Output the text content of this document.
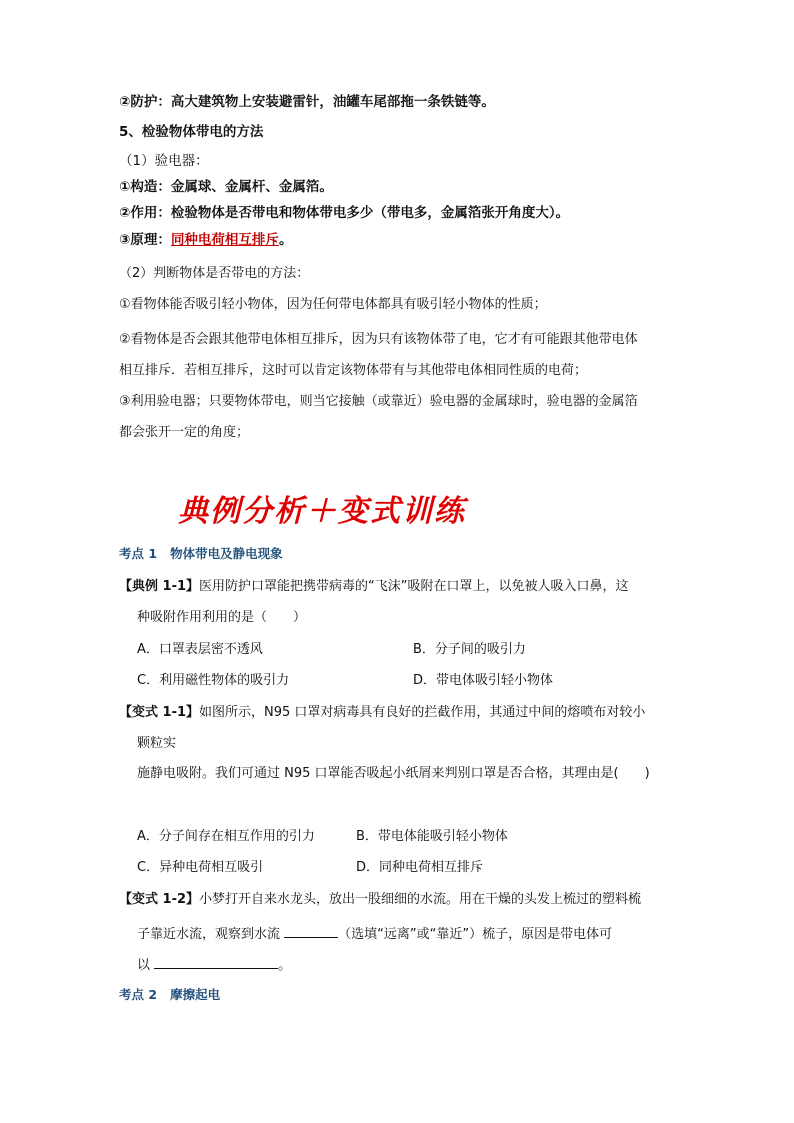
②防护：高大建筑物上安装避雷针，油罐车尾部拖一条铁链等。
5、检验物体带电的方法
（1）验电器：
①构造：金属球、金属杆、金属箔。
②作用：检验物体是否带电和物体带电多少（带电多，金属箔张开角度大）。
③原理：同种电荷相互排斥。
（2）判断物体是否带电的方法：
①看物体能否吸引轻小物体，因为任何带电体都具有吸引轻小物体的性质；
②看物体是否会跟其他带电体相互排斥，因为只有该物体带了电，它才有可能跟其他带电体
相互排斥．若相互排斥，这时可以肯定该物体带有与其他带电体相同性质的电荷；
③利用验电器；只要物体带电，则当它接触（或靠近）验电器的金属球时，验电器的金属箔
都会张开一定的角度；
典例分析＋变式训练
考点 1 物体带电及静电现象
【典例 1-1】医用防护口罩能把携带病毒的“飞沫”吸附在口罩上，以免被人吸入口鼻，这
种吸附作用利用的是（　　）
A．口罩表层密不透风	B．分子间的吸引力
C．利用磁性物体的吸引力	D．带电体吸引轻小物体
【变式 1-1】如图所示，N95 口罩对病毒具有良好的拦截作用，其通过中间的熔喷布对较小
颗粒实
施静电吸附。我们可通过 N95 口罩能否吸起小纸屑来判别口罩是否合格，其理由是(　　)
A．分子间存在相互作用的引力	B．带电体能吸引轻小物体
C．异种电荷相互吸引	D．同种电荷相互排斥
【变式 1-2】小梦打开自来水龙头，放出一股细细的水流。用在干燥的头发上梳过的塑料梳
子靠近水流，观察到水流	（选填“远离”或“靠近”）梳子，原因是带电体可
以	。
考点 2 摩擦起电
